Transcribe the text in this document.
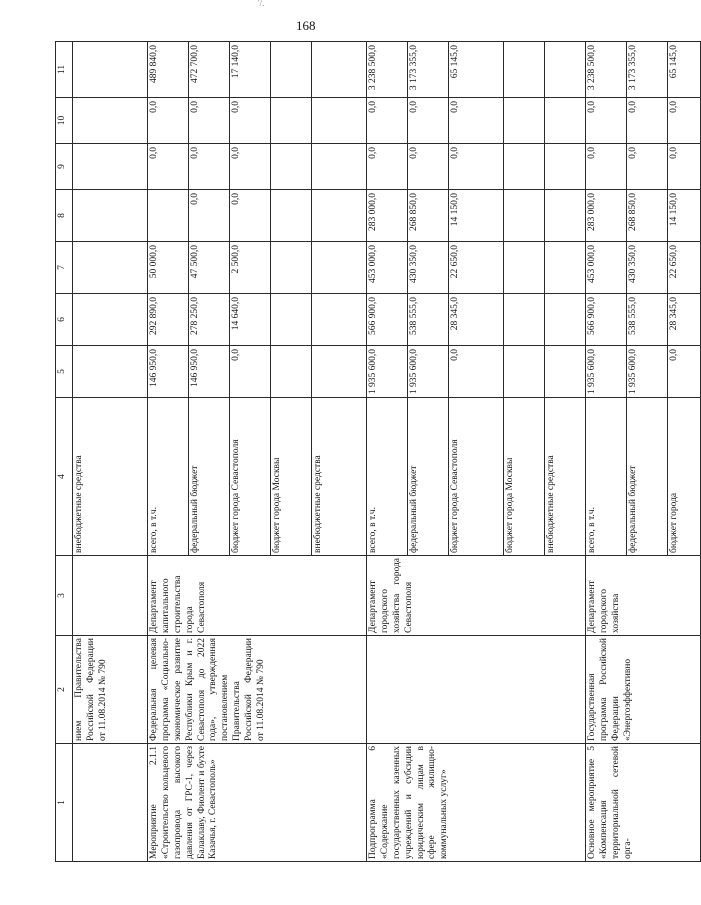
'/.
168
1	2	3	4	5	6	7	8	9	10	11
	нием Правительства Российской Федерации от 11.08.2014 № 790		внебюджетные средства							
Мероприятие 2.1.1 «Строительство кольцевого газопровода высокого давления от ГРС-1, через Балаклаву, Фиолент и бухте Казачья, г. Севастополь»	Федеральная целевая программа «Социально-экономическое развитие Республики Крым и г. Севастополя до 2022 года», утвержденная постановлением Правительства Российской Федерации от 11.08.2014 № 790	Департамент капитального строительства города Севастополя	всего, в т.ч.	146 950,0	292 890,0	50 000,0		0,0	0,0	489 840,0
			федеральный бюджет	146 950,0	278 250,0	47 500,0	0,0	0,0	0,0	472 700,0
			бюджет города Севастополя	0,0	14 640,0	2 500,0	0,0	0,0	0,0	17 140,0
			бюджет города Москвы							
			внебюджетные средства							
Подпрограмма 6 «Содержание государственных казенных учреждений и субсидии юридическим лицам в сфере жилищно-коммунальных услуг»		Департамент городского хозяйства города Севастополя	всего, в т.ч.	1 935 600,0	566 900,0	453 000,0	283 000,0	0,0	0,0	3 238 500,0
			федеральный бюджет	1 935 600,0	538 555,0	430 350,0	268 850,0	0,0	0,0	3 173 355,0
			бюджет города Севастополя	0,0	28 345,0	22 650,0	14 150,0	0,0	0,0	65 145,0
			бюджет города Москвы							
			внебюджетные средства							
Основное мероприятие 5 «Компенсация территориальной сетевой орга-	Государственная программа Российской Федерации «Энергоэффективно	Департамент городского хозяйства	всего, в т.ч.	1 935 600,0	566 900,0	453 000,0	283 000,0	0,0	0,0	3 238 500,0
			федеральный бюджет	1 935 600,0	538 555,0	430 350,0	268 850,0	0,0	0,0	3 173 355,0
			бюджет города	0,0	28 345,0	22 650,0	14 150,0	0,0	0,0	65 145,0
